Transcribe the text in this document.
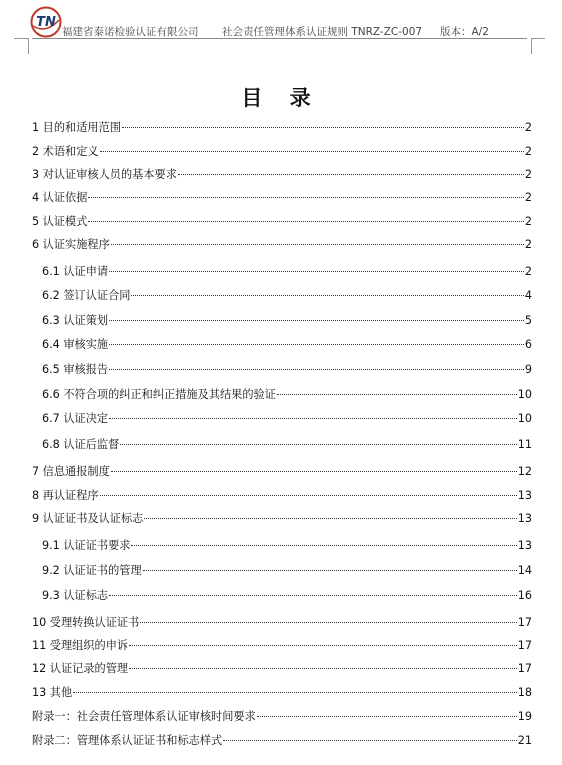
TN
福建省泰诺检验认证有限公司 社会责任管理体系认证规则 TNRZ-ZC-007 版本：A/2
目 录
1 目的和适用范围	2
2 术语和定义	2
3 对认证审核人员的基本要求	2
4 认证依据	2
5 认证模式	2
6 认证实施程序	2
6.1 认证申请	2
6.2 签订认证合同	4
6.3 认证策划	5
6.4 审核实施	6
6.5 审核报告	9
6.6 不符合项的纠正和纠正措施及其结果的验证	10
6.7 认证决定	10
6.8 认证后监督	11
7 信息通报制度	12
8 再认证程序	13
9 认证证书及认证标志	13
9.1 认证证书要求	13
9.2 认证证书的管理	14
9.3 认证标志	16
10 受理转换认证证书	17
11 受理组织的申诉	17
12 认证记录的管理	17
13 其他	18
附录一：社会责任管理体系认证审核时间要求	19
附录二：管理体系认证证书和标志样式	21
